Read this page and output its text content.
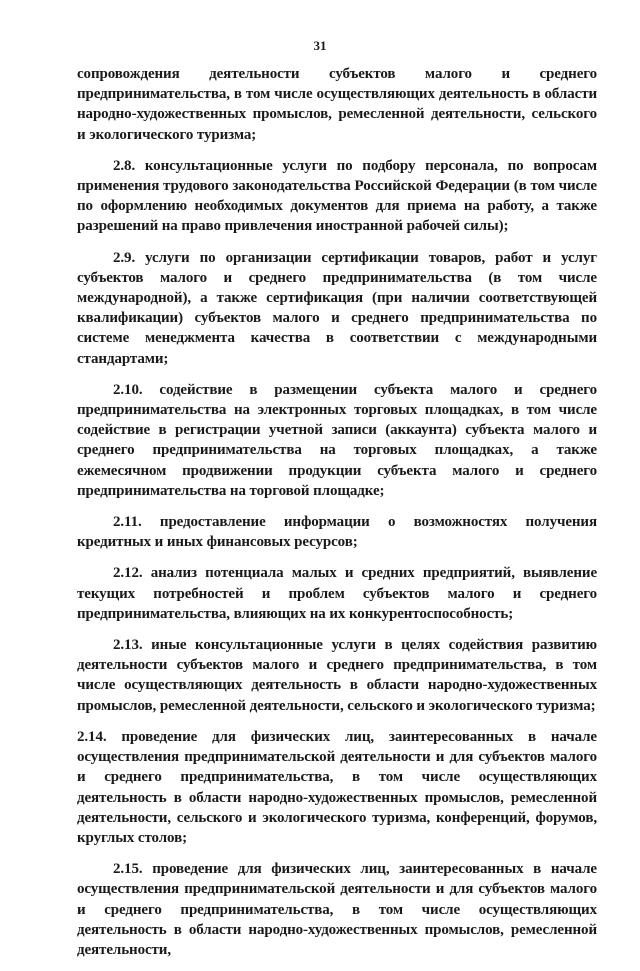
31

сопровождения деятельности субъектов малого и среднего предпринимательства, в том числе осуществляющих деятельность в области народно-художественных промыслов, ремесленной деятельности, сельского и экологического туризма;

2.8. консультационные услуги по подбору персонала, по вопросам применения трудового законодательства Российской Федерации (в том числе по оформлению необходимых документов для приема на работу, а также разрешений на право привлечения иностранной рабочей силы);

2.9. услуги по организации сертификации товаров, работ и услуг субъектов малого и среднего предпринимательства (в том числе международной), а также сертификация (при наличии соответствующей квалификации) субъектов малого и среднего предпринимательства по системе менеджмента качества в соответствии с международными стандартами;

2.10. содействие в размещении субъекта малого и среднего предпринимательства на электронных торговых площадках, в том числе содействие в регистрации учетной записи (аккаунта) субъекта малого и среднего предпринимательства на торговых площадках, а также ежемесячном продвижении продукции субъекта малого и среднего предпринимательства на торговой площадке;

2.11. предоставление информации о возможностях получения кредитных и иных финансовых ресурсов;

2.12. анализ потенциала малых и средних предприятий, выявление текущих потребностей и проблем субъектов малого и среднего предпринимательства, влияющих на их конкурентоспособность;

2.13. иные консультационные услуги в целях содействия развитию деятельности субъектов малого и среднего предпринимательства, в том числе осуществляющих деятельность в области народно-художественных промыслов, ремесленной деятельности, сельского и экологического туризма;

2.14. проведение для физических лиц, заинтересованных в начале осуществления предпринимательской деятельности и для субъектов малого и среднего предпринимательства, в том числе осуществляющих деятельность в области народно-художественных промыслов, ремесленной деятельности, сельского и экологического туризма, конференций, форумов, круглых столов;

2.15. проведение для физических лиц, заинтересованных в начале осуществления предпринимательской деятельности и для субъектов малого и среднего предпринимательства, в том числе осуществляющих деятельность в области народно-художественных промыслов, ремесленной деятельности,
